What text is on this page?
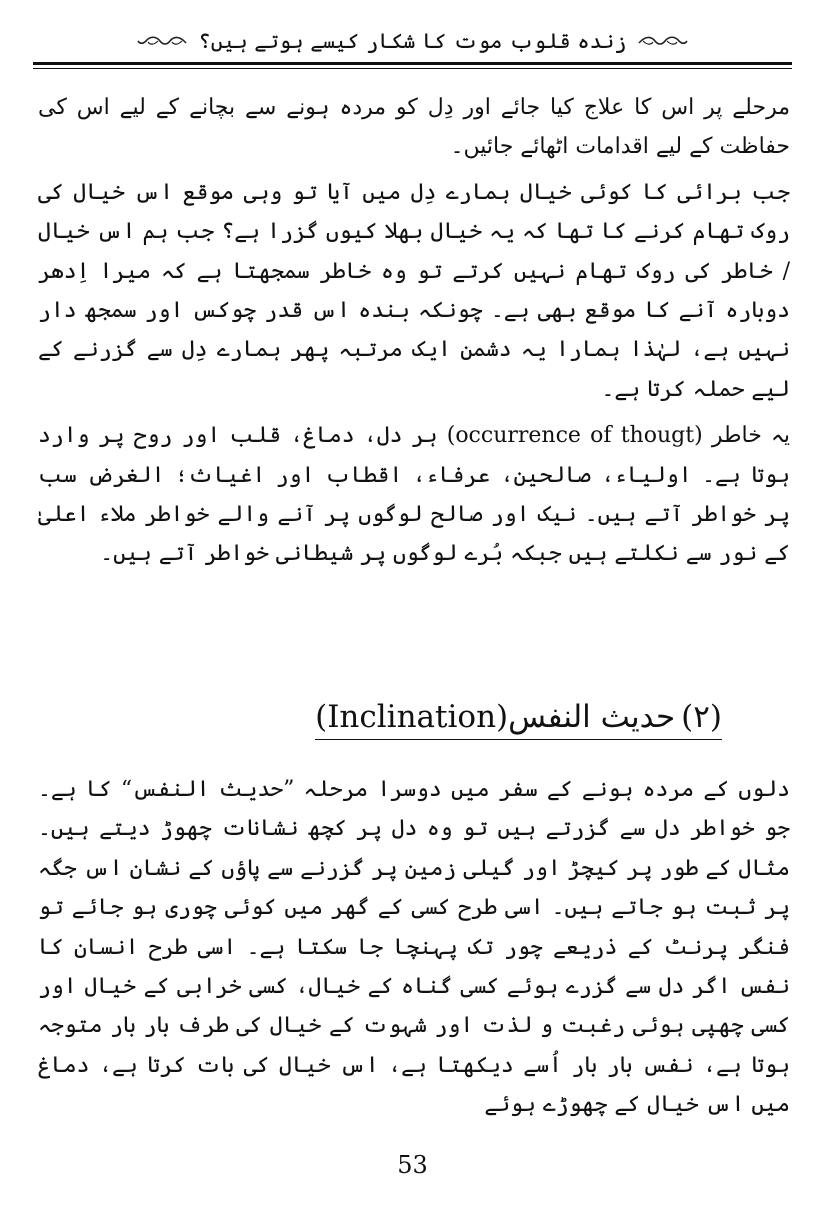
زندہ قلوب موت کا شکار کیسے ہوتے ہیں؟

مرحلے پر اس کا علاج کیا جائے اور دِل کو مردہ ہونے سے بچانے کے لیے اس کی حفاظت کے لیے اقدامات اٹھائے جائیں۔

جب برائی کا کوئی خیال ہمارے دِل میں آیا تو وہی موقع اس خیال کی روک تھام کرنے کا تھا کہ یہ خیال بھلا کیوں گزرا ہے؟ جب ہم اس خیال / خاطر کی روک تھام نہیں کرتے تو وہ خاطر سمجھتا ہے کہ میرا اِدھر دوبارہ آنے کا موقع بھی ہے۔ چونکہ بندہ اس قدر چوکس اور سمجھ دار نہیں ہے، لہٰذا ہمارا یہ دشمن ایک مرتبہ پھر ہمارے دِل سے گزرنے کے لیے حملہ کرتا ہے۔

یہ خاطر (occurrence of thougt) ہر دل، دماغ، قلب اور روح پر وارد ہوتا ہے۔ اولیاء، صالحین، عرفاء، اقطاب اور اغیاث؛ الغرض سب پر خواطر آتے ہیں۔ نیک اور صالح لوگوں پر آنے والے خواطر ملاء اعلیٰ کے نور سے نکلتے ہیں جبکہ بُرے لوگوں پر شیطانی خواطر آتے ہیں۔

(۲)حدیث النفس(Inclination)

دلوں کے مردہ ہونے کے سفر میں دوسرا مرحلہ ”حدیث النفس“ کا ہے۔ جو خواطر دل سے گزرتے ہیں تو وہ دل پر کچھ نشانات چھوڑ دیتے ہیں۔ مثال کے طور پر کیچڑ اور گیلی زمین پر گزرنے سے پاؤں کے نشان اس جگہ پر ثبت ہو جاتے ہیں۔ اسی طرح کسی کے گھر میں کوئی چوری ہو جائے تو فنگر پرنٹ کے ذریعے چور تک پہنچا جا سکتا ہے۔ اسی طرح انسان کا نفس اگر دل سے گزرے ہوئے کسی گناہ کے خیال، کسی خرابی کے خیال اور کسی چھپی ہوئی رغبت و لذت اور شہوت کے خیال کی طرف بار بار متوجہ ہوتا ہے، نفس بار بار اُسے دیکھتا ہے، اس خیال کی بات کرتا ہے، دماغ میں اس خیال کے چھوڑے ہوئے

53
